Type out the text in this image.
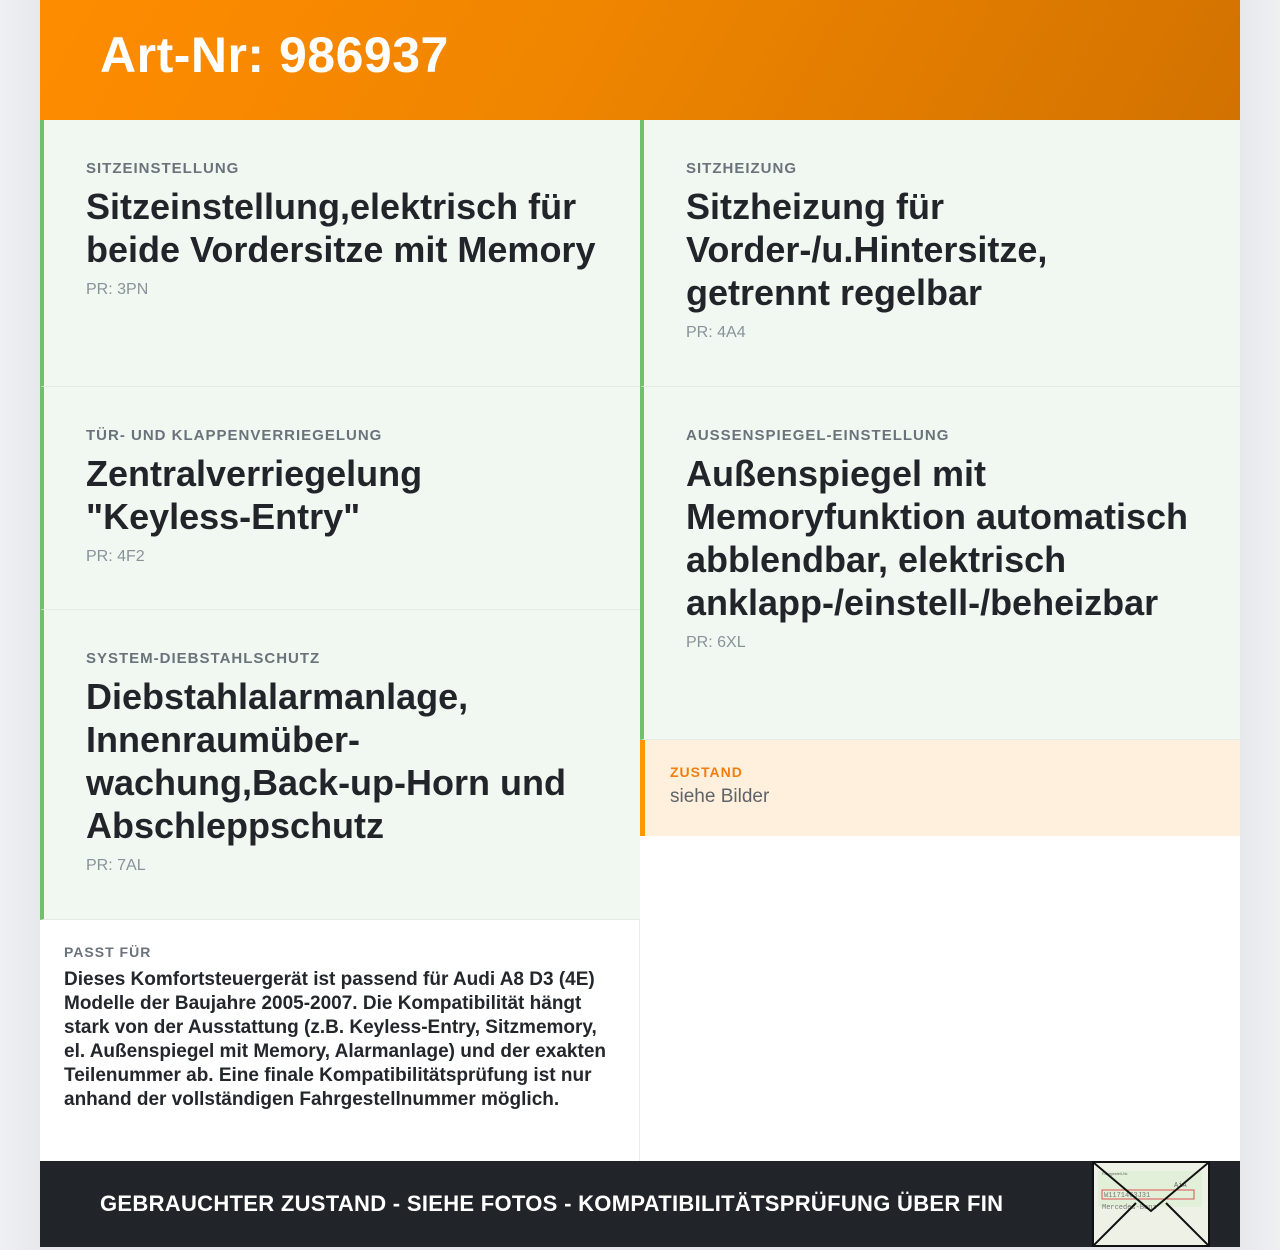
Art-Nr: 986937
SITZEINSTELLUNG
Sitzeinstellung,elektrisch für beide Vordersitze mit Memory
PR: 3PN
SITZHEIZUNG
Sitzheizung für Vorder-/u.Hintersitze, getrennt regelbar
PR: 4A4
TÜR- UND KLAPPENVERRIEGELUNG
Zentralverriegelung "Keyless-Entry"
PR: 4F2
AUSSENSPIEGEL-EINSTELLUNG
Außenspiegel mit Memoryfunktion automatisch abblendbar, elektrisch anklapp-/einstell-/beheizbar
PR: 6XL
SYSTEM-DIEBSTAHLSCHUTZ
Diebstahlalarmanlage, Innenraumüber-wachung,Back-up-Horn und Abschleppschutz
PR: 7AL
ZUSTAND
siehe Bilder
PASST FÜR
Dieses Komfortsteuergerät ist passend für Audi A8 D3 (4E) Modelle der Baujahre 2005-2007. Die Kompatibilität hängt stark von der Ausstattung (z.B. Keyless-Entry, Sitzmemory, el. Außenspiegel mit Memory, Alarmanlage) und der exakten Teilenummer ab. Eine finale Kompatibilitätsprüfung ist nur anhand der vollständigen Fahrgestellnummer möglich.
GEBRAUCHTER ZUSTAND - SIEHE FOTOS - KOMPATIBILITÄTSPRÜFUNG ÜBER FIN
Fahrgestell-Nr.
AiA
W1171463J31
Mercedes-Benz
